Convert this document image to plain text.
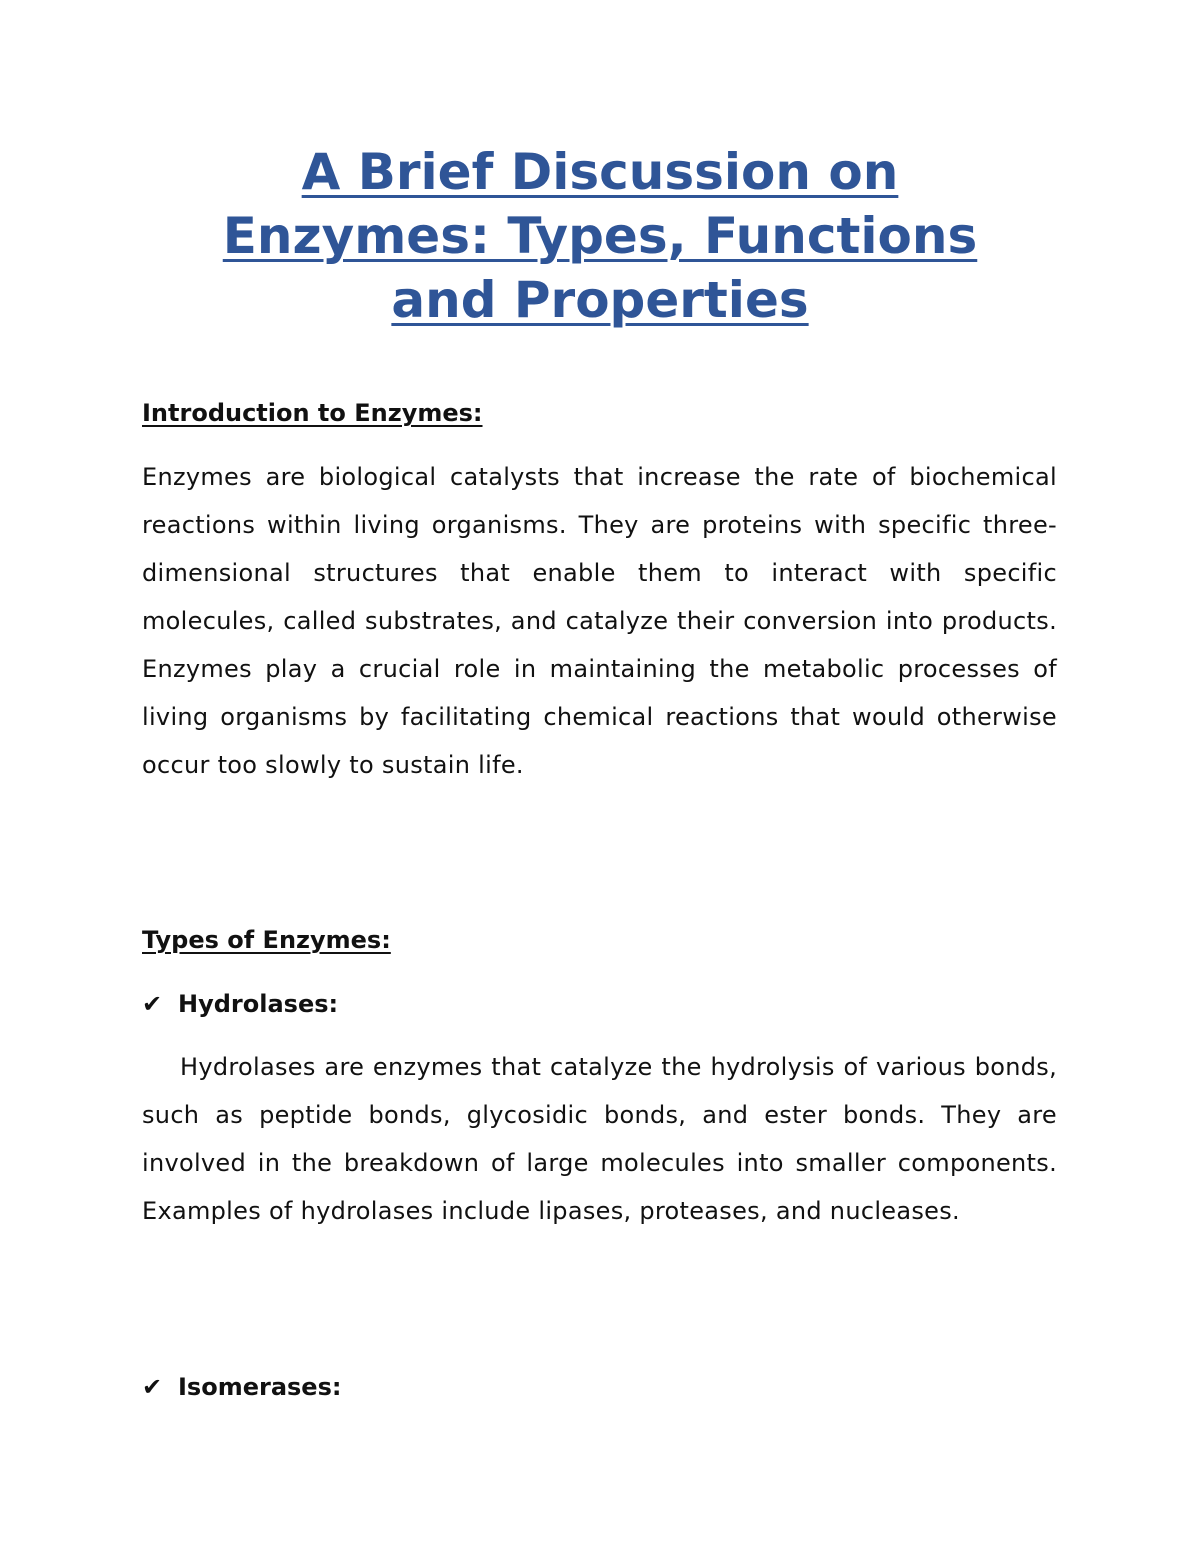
A Brief Discussion on
Enzymes: Types, Functions
and Properties
Introduction to Enzymes:

Enzymes are biological catalysts that increase the rate of biochemical reactions within living organisms. They are proteins with specific three-dimensional structures that enable them to interact with specific molecules, called substrates, and catalyze their conversion into products. Enzymes play a crucial role in maintaining the metabolic processes of living organisms by facilitating chemical reactions that would otherwise occur too slowly to sustain life.

Types of Enzymes:
✔ Hydrolases:

Hydrolases are enzymes that catalyze the hydrolysis of various bonds, such as peptide bonds, glycosidic bonds, and ester bonds. They are involved in the breakdown of large molecules into smaller components. Examples of hydrolases include lipases, proteases, and nucleases.

✔ Isomerases:
